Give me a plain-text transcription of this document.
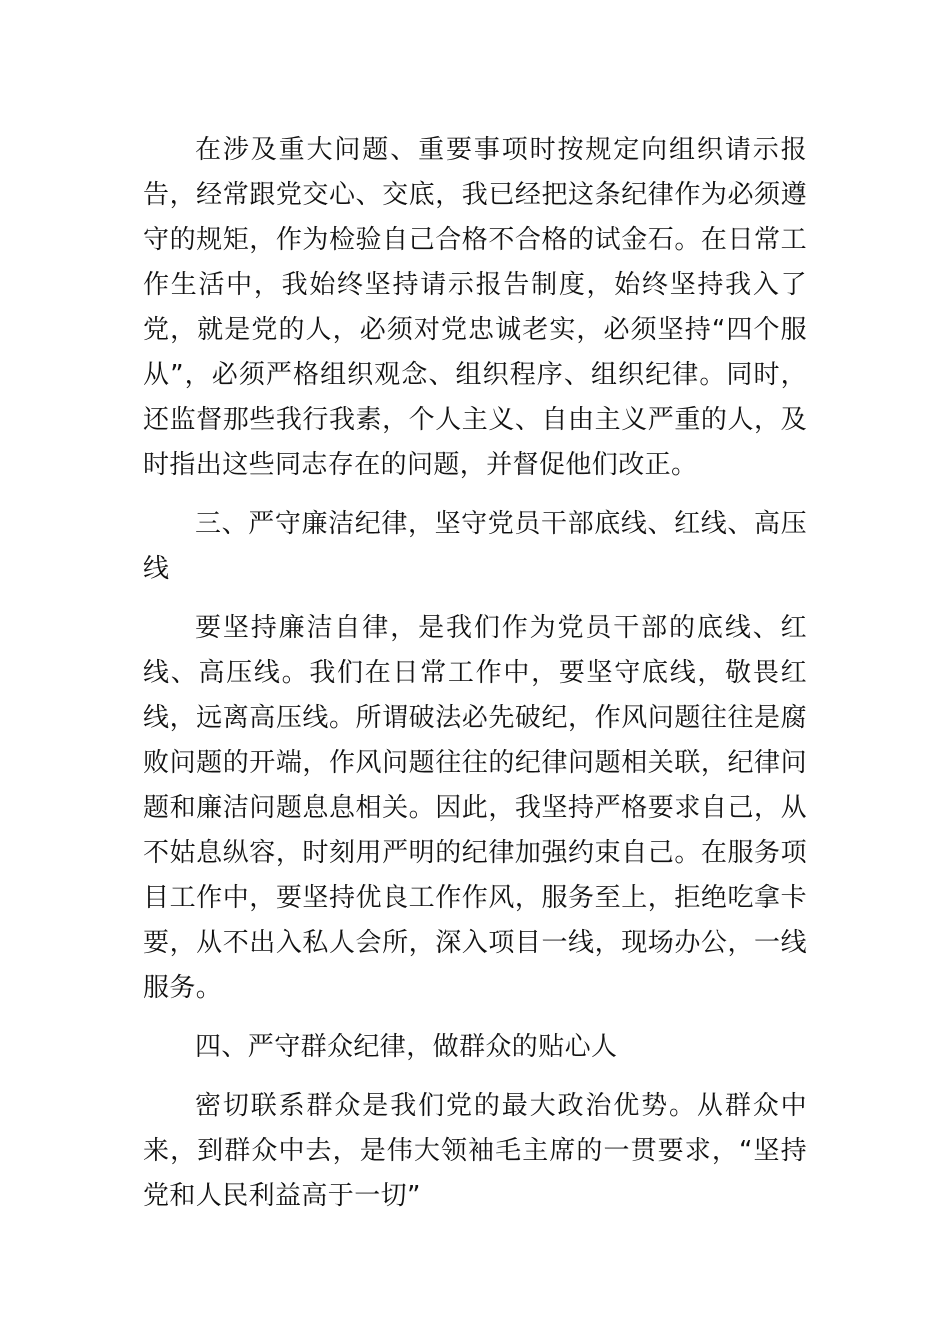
在涉及重大问题、重要事项时按规定向组织请示报告，经常跟党交心、交底，我已经把这条纪律作为必须遵守的规矩，作为检验自己合格不合格的试金石。在日常工作生活中，我始终坚持请示报告制度，始终坚持我入了党，就是党的人，必须对党忠诚老实，必须坚持“四个服从”，必须严格组织观念、组织程序、组织纪律。同时，还监督那些我行我素，个人主义、自由主义严重的人，及时指出这些同志存在的问题，并督促他们改正。

三、严守廉洁纪律，坚守党员干部底线、红线、高压线

要坚持廉洁自律，是我们作为党员干部的底线、红线、高压线。我们在日常工作中，要坚守底线，敬畏红线，远离高压线。所谓破法必先破纪，作风问题往往是腐败问题的开端，作风问题往往的纪律问题相关联，纪律问题和廉洁问题息息相关。因此，我坚持严格要求自己，从不姑息纵容，时刻用严明的纪律加强约束自己。在服务项目工作中，要坚持优良工作作风，服务至上，拒绝吃拿卡要，从不出入私人会所，深入项目一线，现场办公，一线服务。

四、严守群众纪律，做群众的贴心人

密切联系群众是我们党的最大政治优势。从群众中来，到群众中去，是伟大领袖毛主席的一贯要求，“坚持党和人民利益高于一切”
